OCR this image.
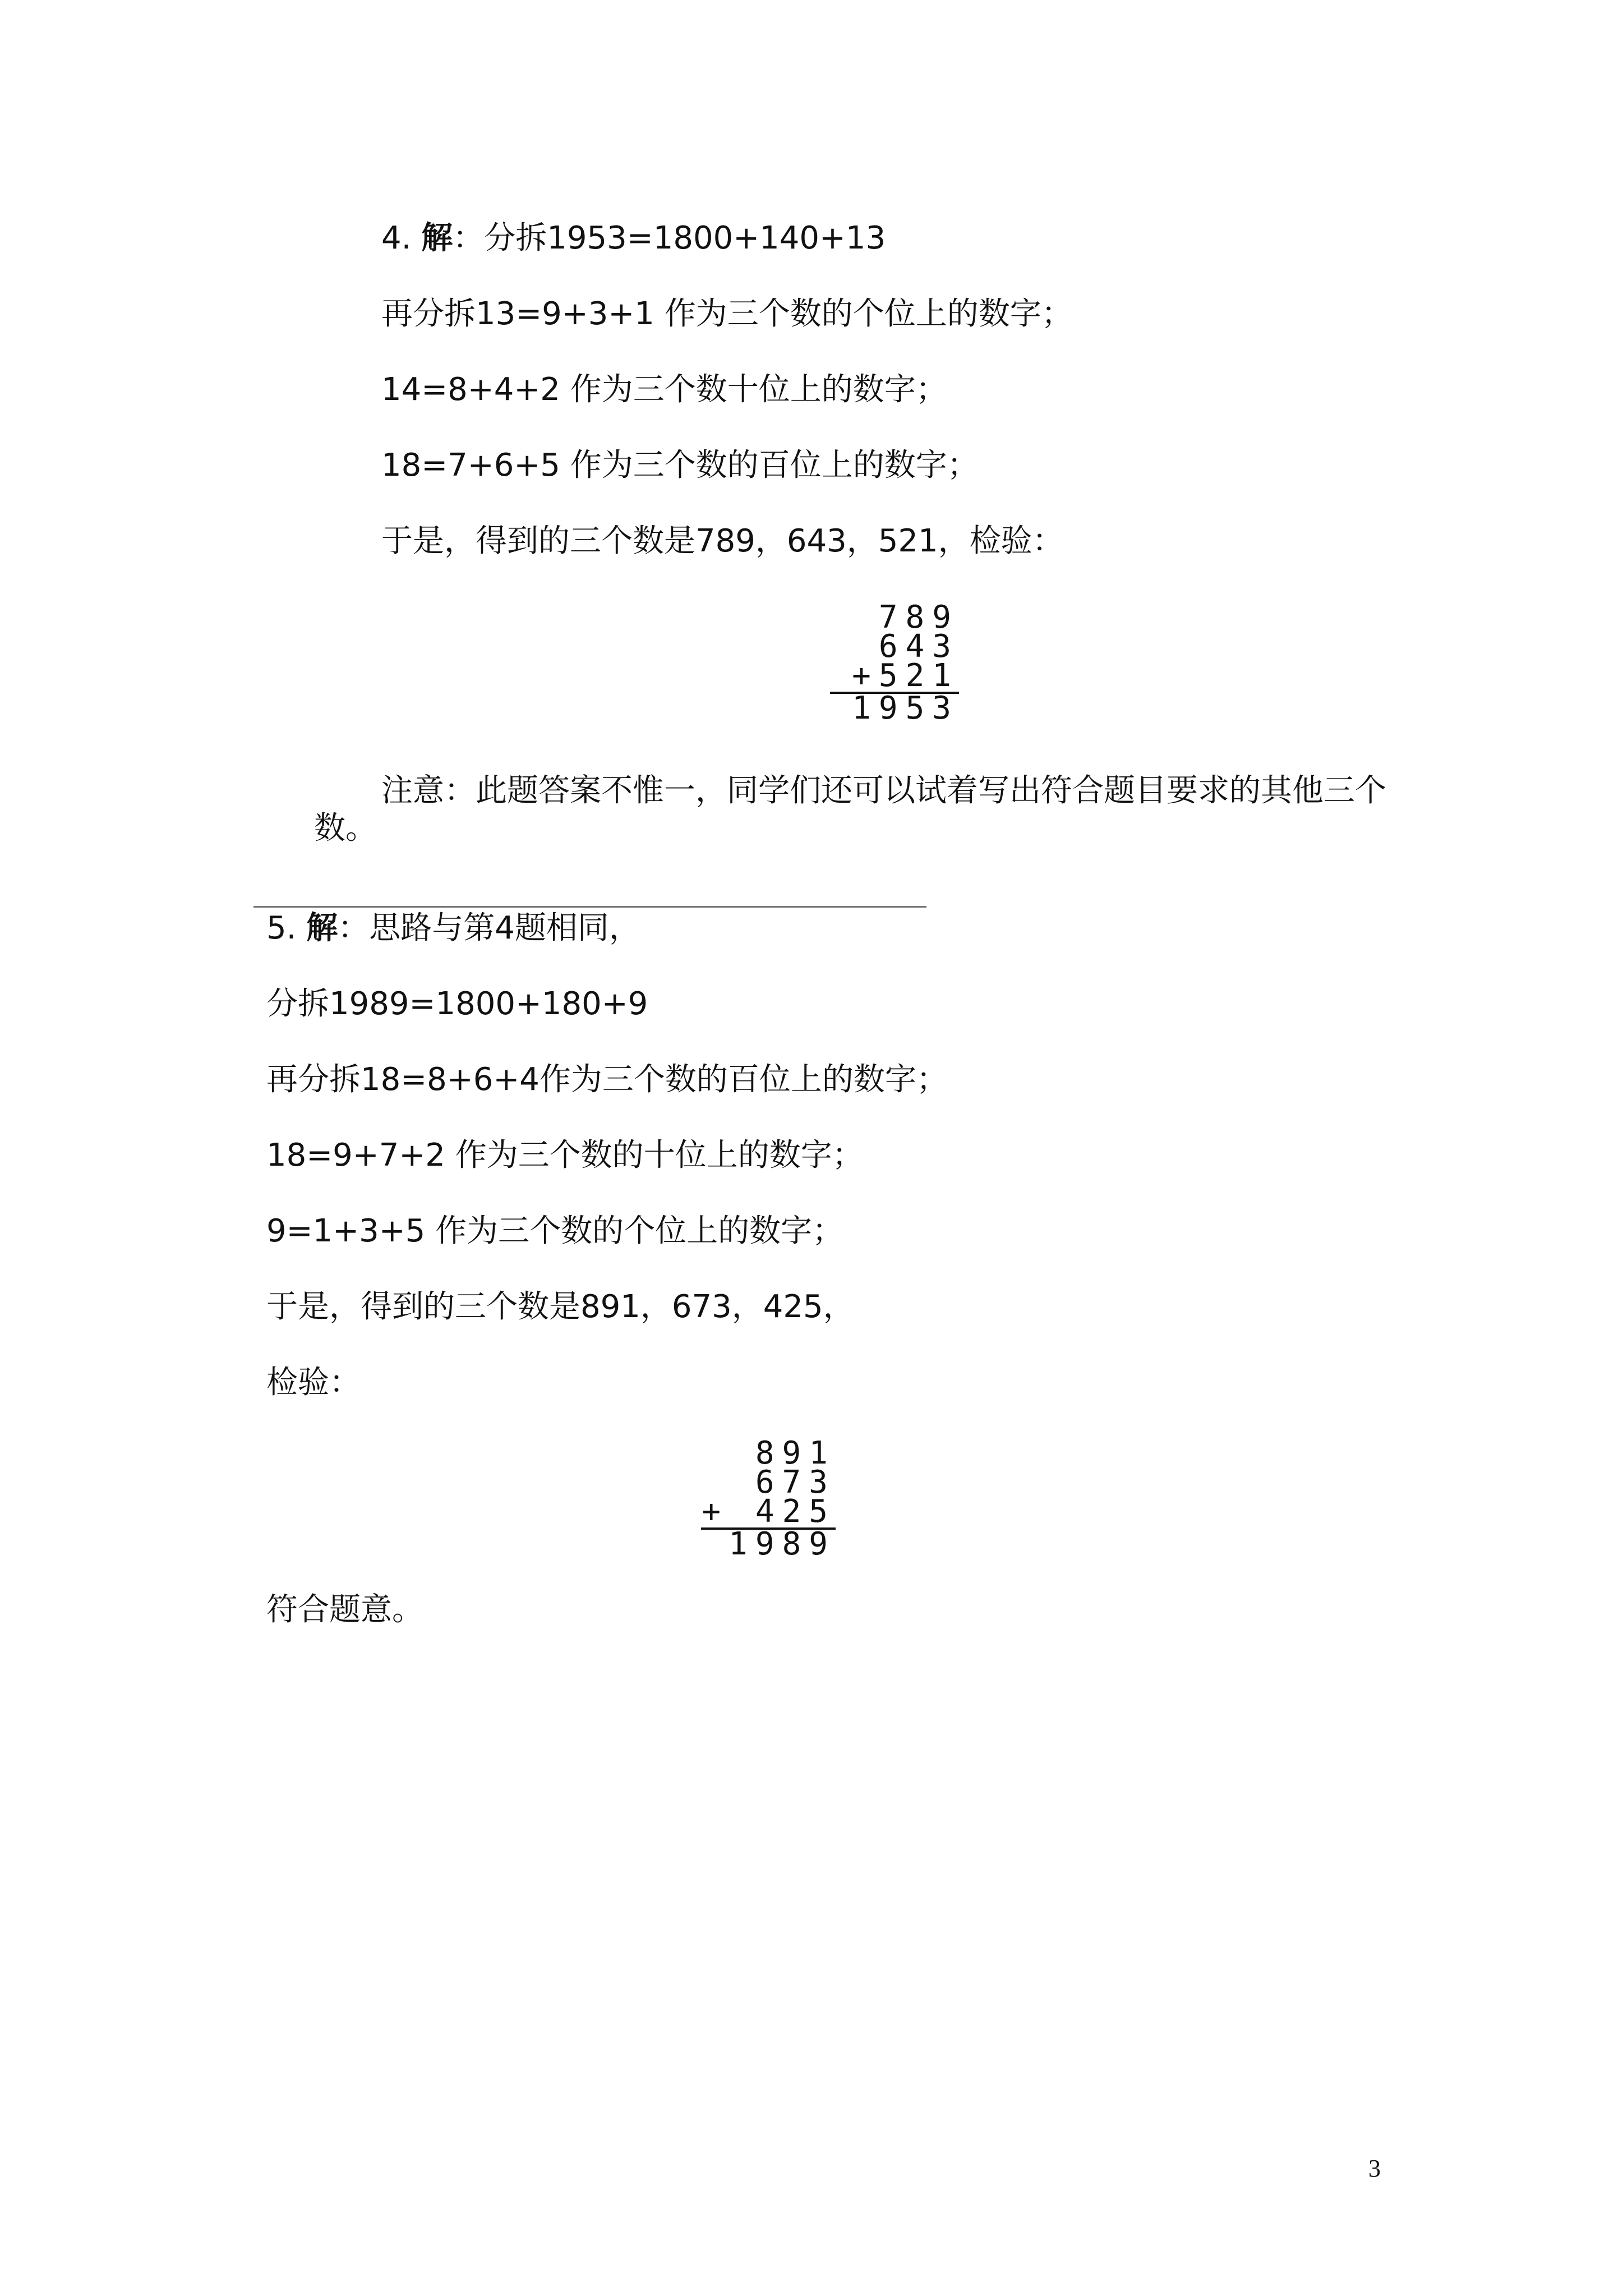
4. 解：分拆1953=1800+140+13
再分拆13=9+3+1 作为三个数的个位上的数字；
14=8+4+2 作为三个数十位上的数字；
18=7+6+5 作为三个数的百位上的数字；
于是，得到的三个数是789，643，521，检验：
789
643
+521
1953
注意：此题答案不惟一，同学们还可以试着写出符合题目要求的其他三个
数。
5. 解：思路与第4题相同，
分拆1989=1800+180+9
再分拆18=8+6+4作为三个数的百位上的数字；
18=9+7+2 作为三个数的十位上的数字；
9=1+3+5 作为三个数的个位上的数字；
于是，得到的三个数是891，673，425，
检验：
891
673
+ 425
1989
符合题意。
3
